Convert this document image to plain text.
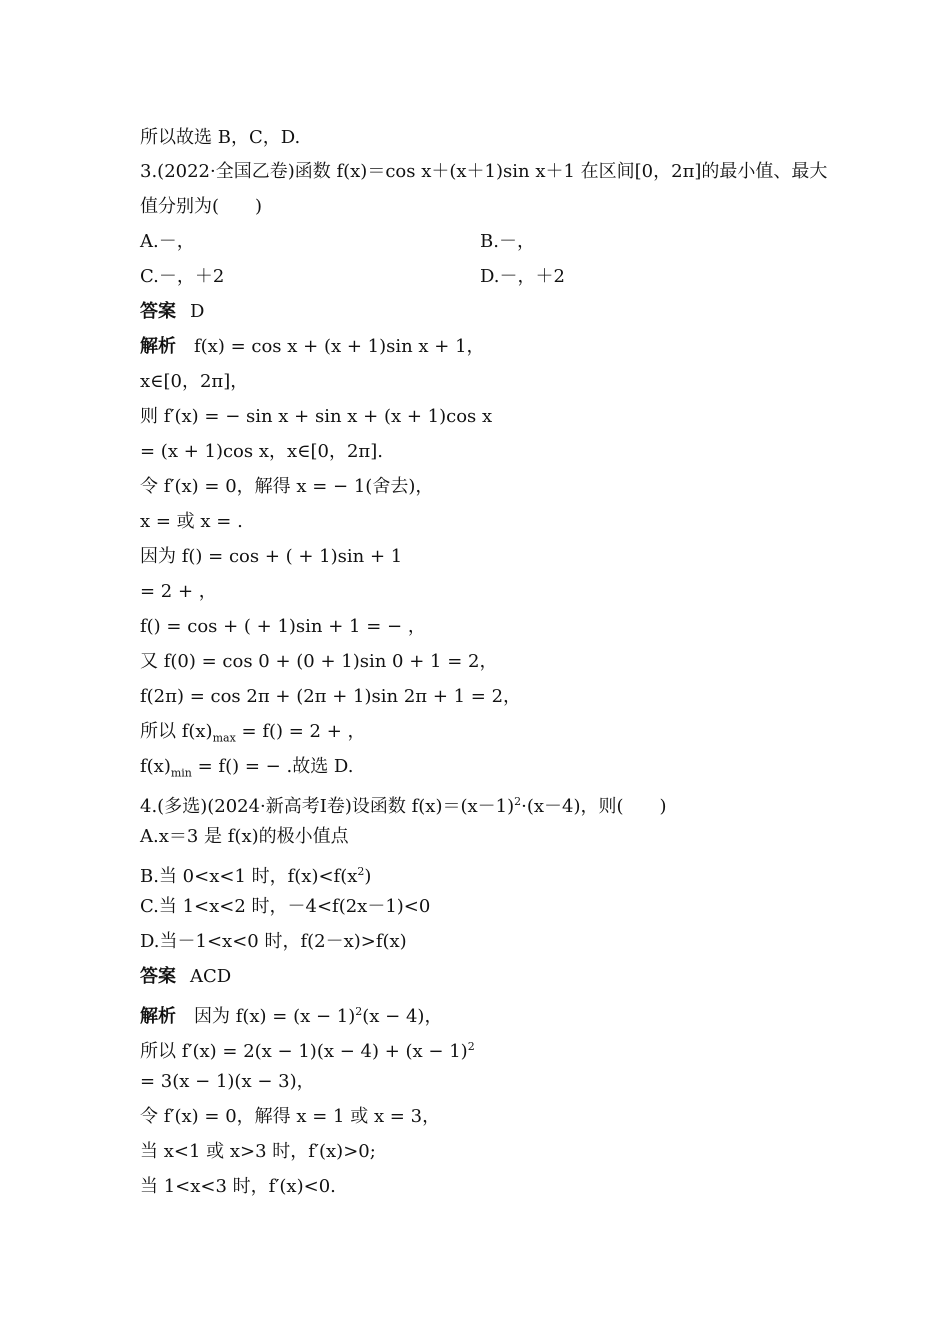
所以故选 B，C，D.
3.(2022·全国乙卷)函数 f(x)＝cos x＋(x＋1)sin x＋1 在区间[0，2π]的最小值、最大
值分别为(　　)
A.－，	B.－，
C.－，＋2	D.－，＋2
答案 D
解析 f(x) = cos x + (x + 1)sin x + 1，
x∈[0，2π]，
则 f′(x) = − sin x + sin x + (x + 1)cos x
= (x + 1)cos x，x∈[0，2π].
令 f′(x) = 0，解得 x = − 1(舍去)，
x = 或 x = .
因为 f() = cos + ( + 1)sin + 1
= 2 + ，
f() = cos + ( + 1)sin + 1 = − ，
又 f(0) = cos 0 + (0 + 1)sin 0 + 1 = 2，
f(2π) = cos 2π + (2π + 1)sin 2π + 1 = 2，
所以 $f(x)_{max} = f() = 2$ + ，
$f(x)_{min} = f()$ = − .故选 D.
4.(多选)(2024·新高考Ⅰ卷)设函数 $f(x)=(x-1)^2\cdot(x-4)$，则(　　)
A.x＝3 是 f(x)的极小值点
B.当 0<x<1 时，$f(x)<f(x^2)$
C.当 1<x<2 时，－4<f(2x－1)<0
D.当－1<x<0 时，f(2－x)>f(x)
答案 ACD
解析 因为 $f(x) = (x - 1)^2(x - 4)$，
所以 $f'(x) = 2(x - 1)(x - 4) + (x - 1)^2$
= 3(x − 1)(x − 3)，
令 f′(x) = 0，解得 x = 1 或 x = 3，
当 x<1 或 x>3 时，f′(x)>0;
当 1<x<3 时，f′(x)<0.
